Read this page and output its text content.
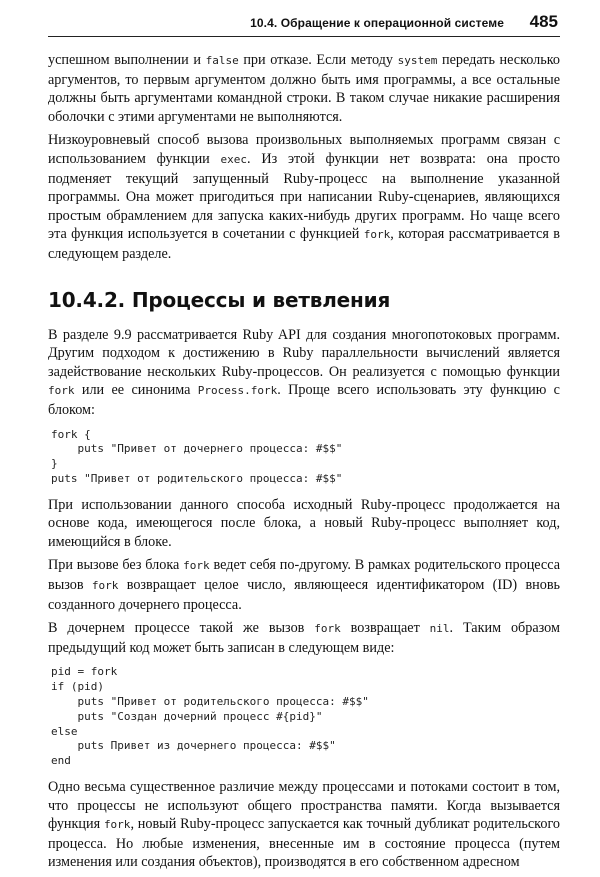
10.4. Обращение к операционной системе 485

успешном выполнении и false при отказе. Если методу system передать несколько аргументов, то первым аргументом должно быть имя программы, а все остальные должны быть аргументами командной строки. В таком случае никакие расширения оболочки с этими аргументами не выполняются.

Низкоуровневый способ вызова произвольных выполняемых программ связан с использованием функции exec. Из этой функции нет возврата: она просто подменяет текущий запущенный Ruby-процесс на выполнение указанной программы. Она может пригодиться при написании Ruby-сценариев, являющихся простым обрамлением для запуска каких-нибудь других программ. Но чаще всего эта функция используется в сочетании с функцией fork, которая рассматривается в следующем разделе.

10.4.2. Процессы и ветвления

В разделе 9.9 рассматривается Ruby API для создания многопотоковых программ. Другим подходом к достижению в Ruby параллельности вычислений является задействование нескольких Ruby-процессов. Он реализуется с помощью функции fork или ее синонима Process.fork. Проще всего использовать эту функцию с блоком:

fork {
puts "Привет от дочернего процесса: #$$"
}
puts "Привет от родительского процесса: #$$"

При использовании данного способа исходный Ruby-процесс продолжается на основе кода, имеющегося после блока, а новый Ruby-процесс выполняет код, имеющийся в блоке.

При вызове без блока fork ведет себя по-другому. В рамках родительского процесса вызов fork возвращает целое число, являющееся идентификатором (ID) вновь созданного дочернего процесса.

В дочернем процессе такой же вызов fork возвращает nil. Таким образом предыдущий код может быть записан в следующем виде:

pid = fork
if (pid)
puts "Привет от родительского процесса: #$$"
puts "Создан дочерний процесс #{pid}"
else
puts Привет из дочернего процесса: #$$"
end

Одно весьма существенное различие между процессами и потоками состоит в том, что процессы не используют общего пространства памяти. Когда вызывается функция fork, новый Ruby-процесс запускается как точный дубликат родительского процесса. Но любые изменения, внесенные им в состояние процесса (путем изменения или создания объектов), производятся в его собственном адресном
